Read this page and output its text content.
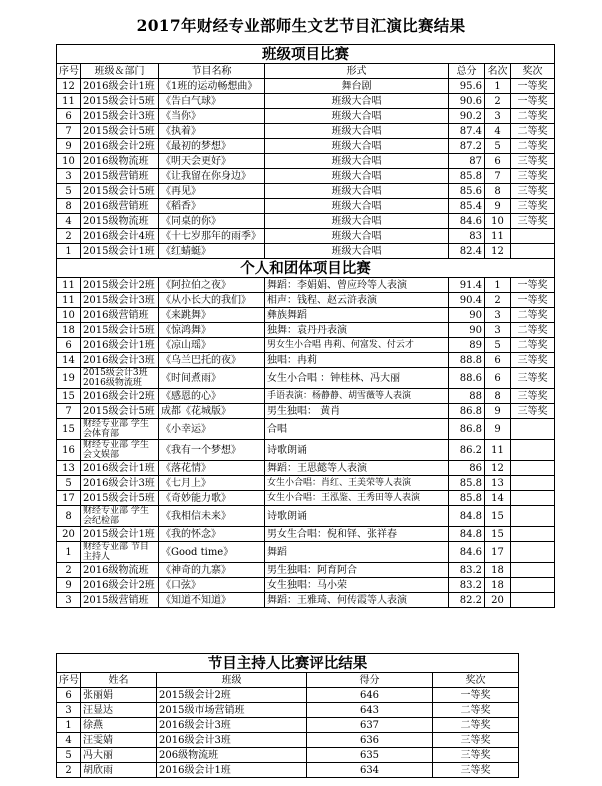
2017年财经专业部师生文艺节目汇演比赛结果
班级项目比赛						
序号	班级＆部门	节目名称	形式	总分	名次	奖次
12	2016级会计1班	《1班的运动畅想曲》	舞台剧	95.6	1	一等奖
11	2015级会计5班	《告白气球》	班级大合唱	90.6	2	一等奖
6	2015级会计3班	《当你》	班级大合唱	90.2	3	二等奖
7	2015级会计5班	《执着》	班级大合唱	87.4	4	二等奖
9	2016级会计2班	《最初的梦想》	班级大合唱	87.2	5	二等奖
10	2016级物流班	《明天会更好》	班级大合唱	87	6	三等奖
3	2015级营销班	《让我留在你身边》	班级大合唱	85.8	7	三等奖
5	2015级会计5班	《再见》	班级大合唱	85.6	8	三等奖
8	2016级营销班	《稻香》	班级大合唱	85.4	9	三等奖
4	2015级物流班	《同桌的你》	班级大合唱	84.6	10	三等奖
2	2016级会计4班	《十七岁那年的雨季》	班级大合唱	83	11	
1	2015级会计1班	《红蜻蜓》	班级大合唱	82.4	12	
个人和团体项目比赛						
11	2015级会计2班	《阿拉伯之夜》	舞蹈：李娟娟、曾应玲等人表演	91.4	1	一等奖
11	2015级会计3班	《从小长大的我们》	相声：钱程、赵云浒表演	90.4	2	一等奖
10	2016级营销班	《来跳舞》	彝族舞蹈	90	3	二等奖
18	2015级会计5班	《惊鸿舞》	独舞：袁丹丹表演	90	3	二等奖
6	2016级会计1班	《凉山瑶》	男女生小合唱 冉莉、何富发、付云才	89	5	二等奖
14	2016级会计3班	《乌兰巴托的夜》	独唱：冉莉	88.8	6	三等奖
19	2015级会计3班 2016级物流班	《时间煮雨》	女生小合唱 ：钟桂林、冯大丽	88.6	6	三等奖
15	2016级会计2班	《感恩的心》	手语表演：杨静静、胡雪薇等人表演	88	8	三等奖
7	2015级会计5班	成都《花城版》	男生独唱： 黄肖	86.8	9	三等奖
15	财经专业部 学生会体育部	《小幸运》	合唱	86.8	9	
16	财经专业部 学生会文娱部	《我有一个梦想》	诗歌朗诵	86.2	11	
13	2016级会计1班	《落花情》	舞蹈：王思懿等人表演	86	12	
5	2016级会计3班	《七月上》	女生小合唱：肖红、王美荣等人表演	85.8	13	
17	2015级会计5班	《奇妙能力歌》	女生小合唱：王泓鉴、王秀田等人表演	85.8	14	
8	财经专业部 学生会纪检部	《我相信未来》	诗歌朗诵	84.8	15	
20	2015级会计1班	《我的怀念》	男女生合唱：倪和铎、张祥春	84.8	15	
1	财经专业部 节目主持人	《Good time》	舞蹈	84.6	17	
2	2016级物流班	《神奇的九寨》	男生独唱：阿育阿合	83.2	18	
9	2016级会计2班	《口弦》	女生独唱：马小荣	83.2	18	
3	2015级营销班	《知道不知道》	舞蹈：王雅琦、何传霞等人表演	82.2	20	
节目主持人比赛评比结果				
序号	姓名	班级	得分	奖次
6	张丽娟	2015级会计2班	646	一等奖
3	汪显达	2015级市场营销班	643	二等奖
1	徐燕	2016级会计3班	637	二等奖
4	汪雯婧	2016级会计3班	636	三等奖
5	冯大丽	206级物流班	635	三等奖
2	胡欣雨	2016级会计1班	634	三等奖
